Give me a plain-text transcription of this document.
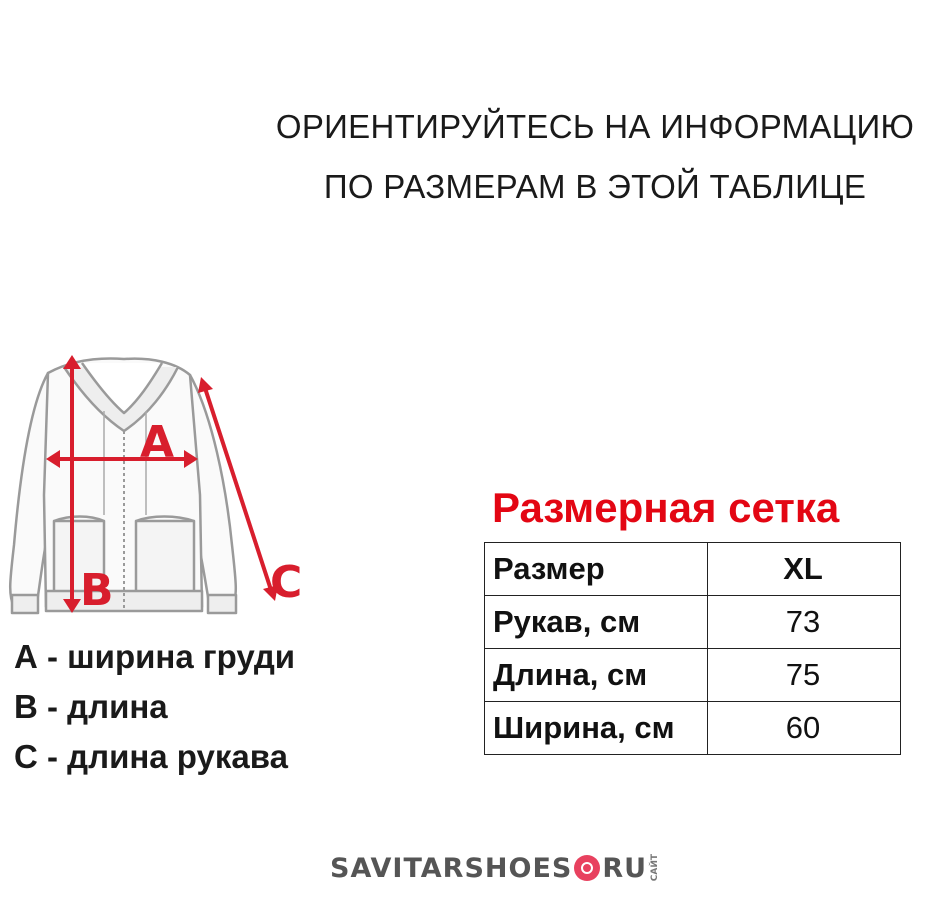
ОРИЕНТИРУЙТЕСЬ НА ИНФОРМАЦИЮ
ПО РАЗМЕРАМ В ЭТОЙ ТАБЛИЦЕ
A
B	C
А - ширина груди
В - длина
С - длина рукава
Размерная сетка
Размер	XL
Рукав, см	73
Длина, см	75
Ширина, см	60
SAVITARSHOES RU САЙТ
